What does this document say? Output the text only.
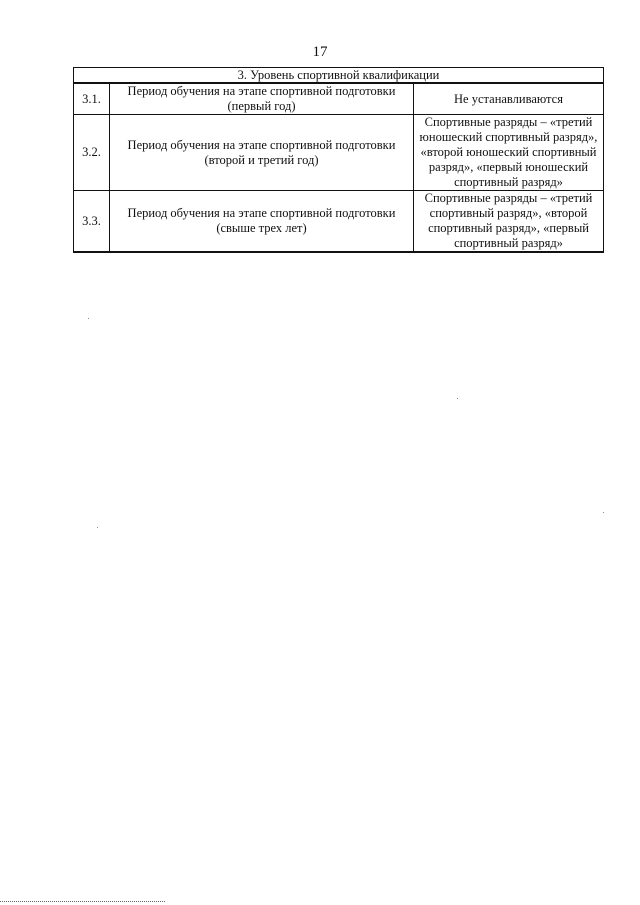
17
3. Уровень спортивной квалификации		
3.1.	Период обучения на этапе спортивной подготовки (первый год)	Не устанавливаются
3.2.	Период обучения на этапе спортивной подготовки (второй и третий год)	Спортивные разряды – «третий юношеский спортивный разряд», «второй юношеский спортивный разряд», «первый юношеский спортивный разряд»
3.3.	Период обучения на этапе спортивной подготовки (свыше трех лет)	Спортивные разряды – «третий спортивный разряд», «второй спортивный разряд», «первый спортивный разряд»
